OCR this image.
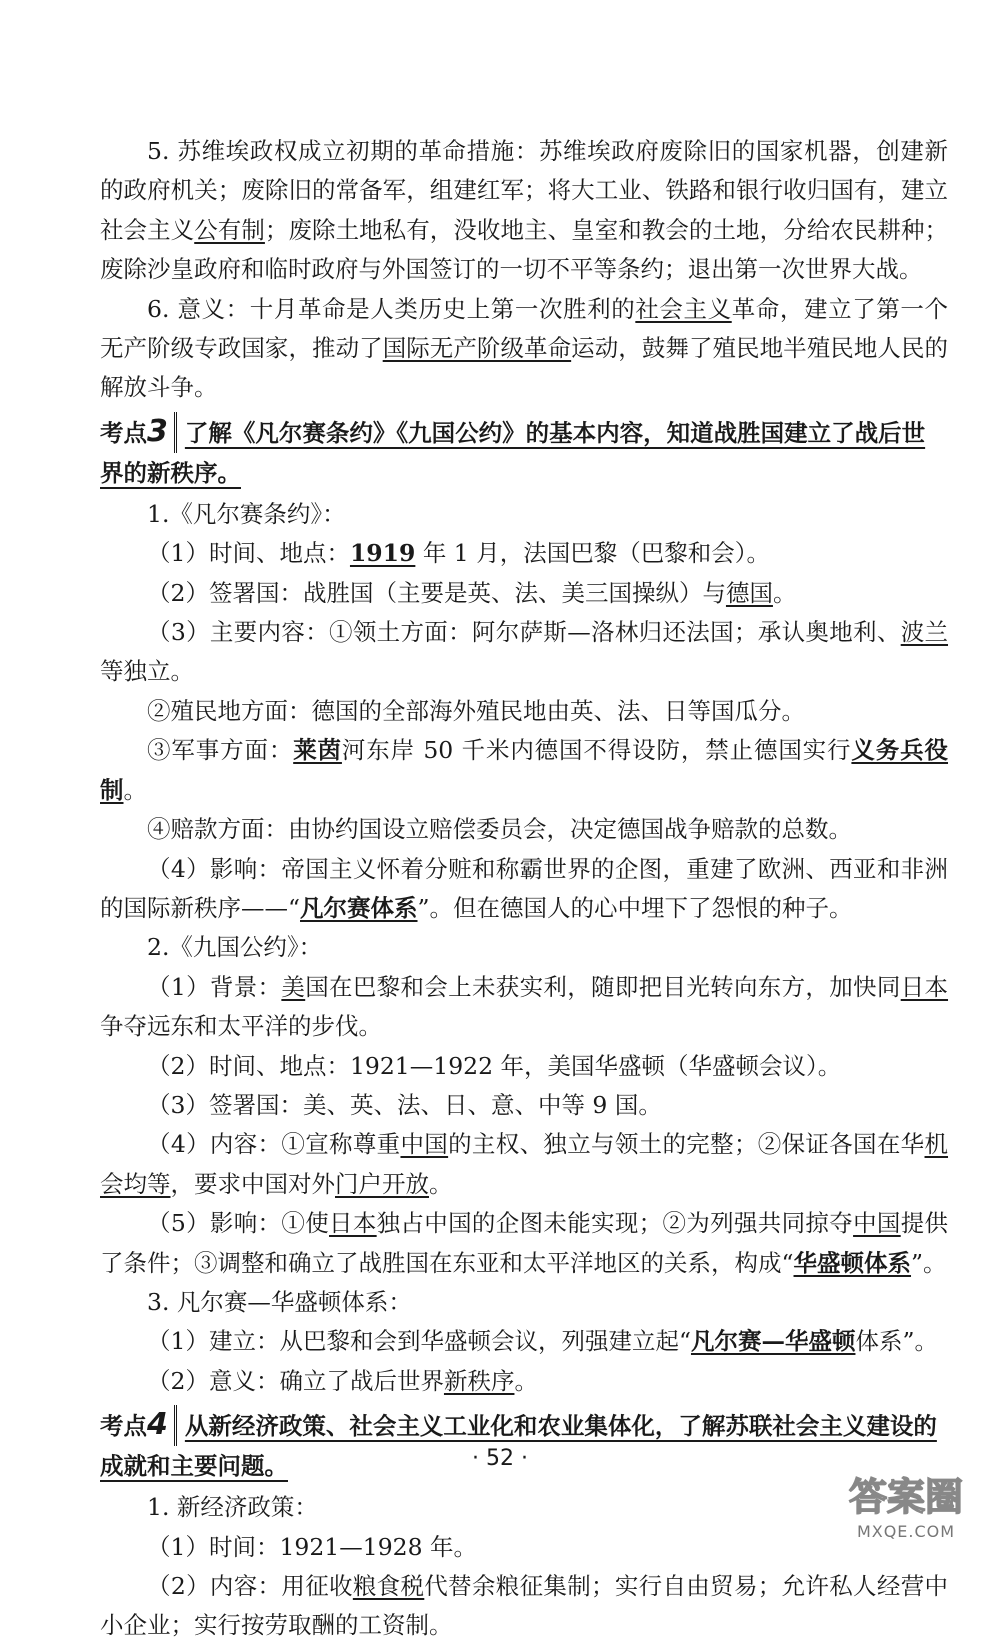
5. 苏维埃政权成立初期的革命措施：苏维埃政府废除旧的国家机器，创建新的政府机关；废除旧的常备军，组建红军；将大工业、铁路和银行收归国有，建立社会主义公有制；废除土地私有，没收地主、皇室和教会的土地，分给农民耕种；废除沙皇政府和临时政府与外国签订的一切不平等条约；退出第一次世界大战。

6. 意义：十月革命是人类历史上第一次胜利的社会主义革命，建立了第一个无产阶级专政国家，推动了国际无产阶级革命运动，鼓舞了殖民地半殖民地人民的解放斗争。

考点3 了解《凡尔赛条约》《九国公约》的基本内容，知道战胜国建立了战后世界的新秩序。

1.《凡尔赛条约》：

（1）时间、地点：1919 年 1 月，法国巴黎（巴黎和会）。

（2）签署国：战胜国（主要是英、法、美三国操纵）与德国。

（3）主要内容：①领土方面：阿尔萨斯—洛林归还法国；承认奥地利、波兰等独立。

②殖民地方面：德国的全部海外殖民地由英、法、日等国瓜分。

③军事方面：莱茵河东岸 50 千米内德国不得设防，禁止德国实行义务兵役制。

④赔款方面：由协约国设立赔偿委员会，决定德国战争赔款的总数。

（4）影响：帝国主义怀着分赃和称霸世界的企图，重建了欧洲、西亚和非洲的国际新秩序——“凡尔赛体系”。但在德国人的心中埋下了怨恨的种子。

2.《九国公约》：

（1）背景：美国在巴黎和会上未获实利，随即把目光转向东方，加快同日本争夺远东和太平洋的步伐。

（2）时间、地点：1921—1922 年，美国华盛顿（华盛顿会议）。

（3）签署国：美、英、法、日、意、中等 9 国。

（4）内容：①宣称尊重中国的主权、独立与领土的完整；②保证各国在华机会均等，要求中国对外门户开放。

（5）影响：①使日本独占中国的企图未能实现；②为列强共同掠夺中国提供了条件；③调整和确立了战胜国在东亚和太平洋地区的关系，构成“华盛顿体系”。

3. 凡尔赛—华盛顿体系：

（1）建立：从巴黎和会到华盛顿会议，列强建立起“凡尔赛—华盛顿体系”。

（2）意义：确立了战后世界新秩序。

考点4 从新经济政策、社会主义工业化和农业集体化，了解苏联社会主义建设的成就和主要问题。

1. 新经济政策：

（1）时间：1921—1928 年。

（2）内容：用征收粮食税代替余粮征集制；实行自由贸易；允许私人经营中小企业；实行按劳取酬的工资制。

· 52 ·
答案圈
MXQE.COM
